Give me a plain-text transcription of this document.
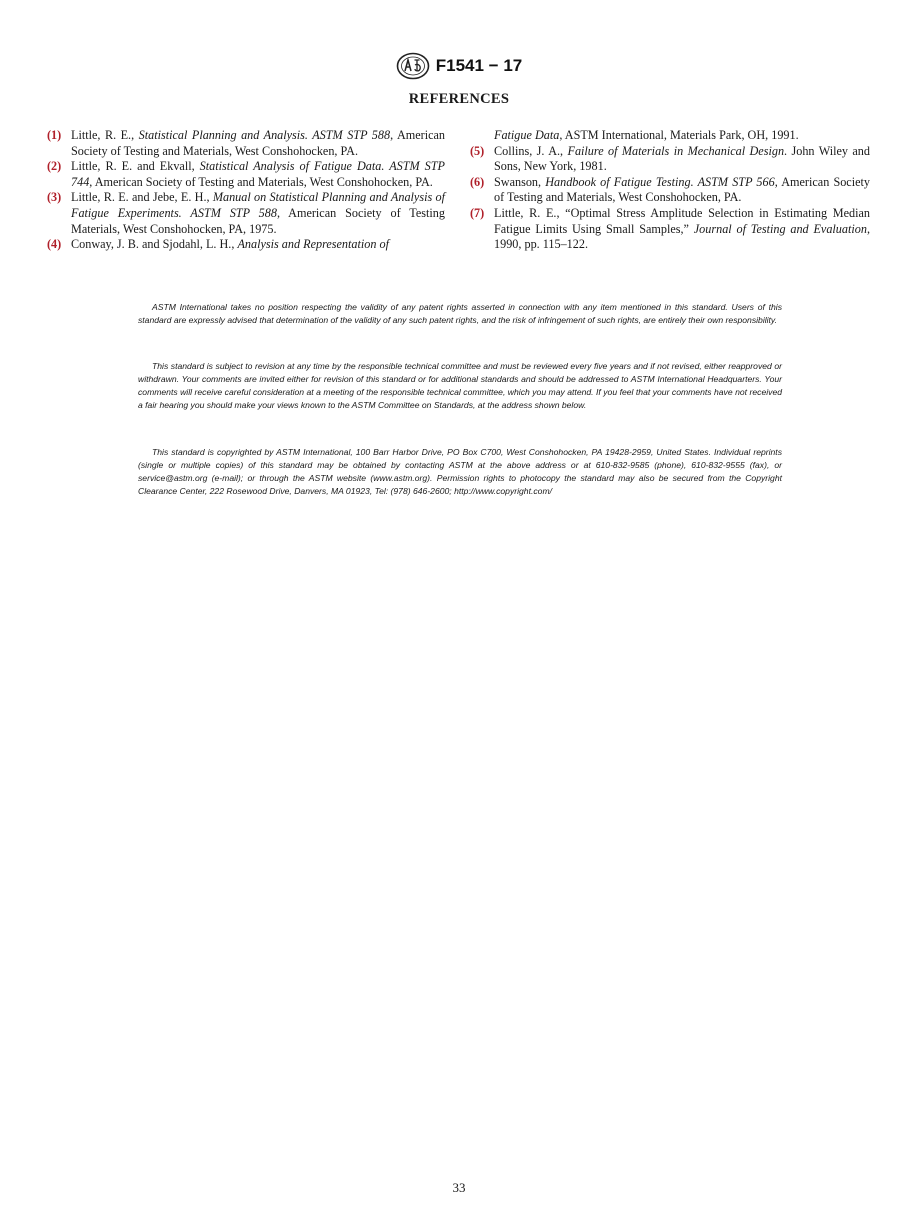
F1541 − 17
REFERENCES
(1) Little, R. E., Statistical Planning and Analysis. ASTM STP 588, American Society of Testing and Materials, West Conshohocken, PA.
(2) Little, R. E. and Ekvall, Statistical Analysis of Fatigue Data. ASTM STP 744, American Society of Testing and Materials, West Conshohocken, PA.
(3) Little, R. E. and Jebe, E. H., Manual on Statistical Planning and Analysis of Fatigue Experiments. ASTM STP 588, American Society of Testing Materials, West Conshohocken, PA, 1975.
(4) Conway, J. B. and Sjodahl, L. H., Analysis and Representation of
Fatigue Data, ASTM International, Materials Park, OH, 1991.
(5) Collins, J. A., Failure of Materials in Mechanical Design. John Wiley and Sons, New York, 1981.
(6) Swanson, Handbook of Fatigue Testing. ASTM STP 566, American Society of Testing and Materials, West Conshohocken, PA.
(7) Little, R. E., “Optimal Stress Amplitude Selection in Estimating Median Fatigue Limits Using Small Samples,” Journal of Testing and Evaluation, 1990, pp. 115–122.

ASTM International takes no position respecting the validity of any patent rights asserted in connection with any item mentioned in this standard. Users of this standard are expressly advised that determination of the validity of any such patent rights, and the risk of infringement of such rights, are entirely their own responsibility.

This standard is subject to revision at any time by the responsible technical committee and must be reviewed every five years and if not revised, either reapproved or withdrawn. Your comments are invited either for revision of this standard or for additional standards and should be addressed to ASTM International Headquarters. Your comments will receive careful consideration at a meeting of the responsible technical committee, which you may attend. If you feel that your comments have not received a fair hearing you should make your views known to the ASTM Committee on Standards, at the address shown below.

This standard is copyrighted by ASTM International, 100 Barr Harbor Drive, PO Box C700, West Conshohocken, PA 19428-2959, United States. Individual reprints (single or multiple copies) of this standard may be obtained by contacting ASTM at the above address or at 610-832-9585 (phone), 610-832-9555 (fax), or service@astm.org (e-mail); or through the ASTM website (www.astm.org). Permission rights to photocopy the standard may also be secured from the Copyright Clearance Center, 222 Rosewood Drive, Danvers, MA 01923, Tel: (978) 646-2600; http://www.copyright.com/

33
